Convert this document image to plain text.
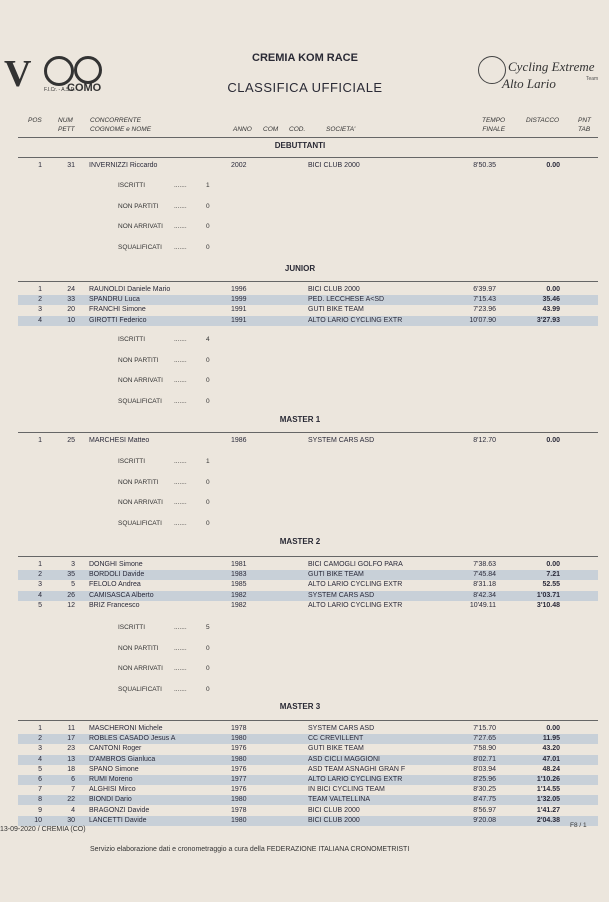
V	F.I.Cr. - A.S.D.
COMO
CREMIA KOM RACE
CLASSIFICA UFFICIALE
Cycling Extreme
Team
Alto Lario
POS	NUM
PETT
CONCORRENTE
COGNOME e NOME	ANNO COM COD.	SOCIETA'
TEMPO
FINALE
DISTACCO	PNT
TAB
DEBUTTANTI
1	31 INVERNIZZI Riccardo	2002	BICI CLUB 2000	8'50.35	0.00
ISCRITTI	.......	1
NON PARTITI .......	0
NON ARRIVATI .......	0
SQUALIFICATI .......	0
JUNIOR
1	24 RAUNOLDI Daniele Mario	1996	BICI CLUB 2000	6'39.97	0.00
2	33 SPANDRU Luca	1999	PED. LECCHESE A<SD	7'15.43	35.46
3	20 FRANCHI Simone	1991	GUTI BIKE TEAM	7'23.96	43.99
4	10 GIROTTI Federico	1991	ALTO LARIO CYCLING EXTR	10'07.90	3'27.93
ISCRITTI	.......	4
NON PARTITI .......	0
NON ARRIVATI .......	0
SQUALIFICATI .......	0
MASTER 1
1	25 MARCHESI Matteo	1986	SYSTEM CARS ASD	8'12.70	0.00
ISCRITTI	.......	1
NON PARTITI .......	0
NON ARRIVATI .......	0
SQUALIFICATI .......	0
MASTER 2
1	3 DONGHI Simone	1981	BICI CAMOGLI GOLFO PARA	7'38.63	0.00
2	35 BORDOLI Davide	1983	GUTI BIKE TEAM	7'45.84	7.21
3	5 FELOLO Andrea	1985	ALTO LARIO CYCLING EXTR	8'31.18	52.55
4	26 CAMISASCA Alberto	1982	SYSTEM CARS ASD	8'42.34	1'03.71
5	12 BRIZ Francesco	1982	ALTO LARIO CYCLING EXTR	10'49.11	3'10.48
ISCRITTI	.......	5
NON PARTITI .......	0
NON ARRIVATI .......	0
SQUALIFICATI .......	0
MASTER 3
1	11 MASCHERONI Michele	1978	SYSTEM CARS ASD	7'15.70	0.00
2	17 ROBLES CASADO Jesus A	1980	CC CREVILLENT	7'27.65	11.95
3	23 CANTONI Roger	1976	GUTI BIKE TEAM	7'58.90	43.20
4	13 D'AMBROS Gianluca	1980	ASD CICLI MAGGIONI	8'02.71	47.01
5	18 SPANO Simone	1976	ASD TEAM ASNAGHI GRAN F	8'03.94	48.24
6	6 RUMI Moreno	1977	ALTO LARIO CYCLING EXTR	8'25.96	1'10.26
7	7 ALGHISI Mirco	1976	IN BICI CYCLING TEAM	8'30.25	1'14.55
8	22 BIONDI Dario	1980	TEAM VALTELLINA	8'47.75	1'32.05
9	4 BRAGONZI Davide	1978	BICI CLUB 2000	8'56.97	1'41.27
10	30 LANCETTI Davide	1980	BICI CLUB 2000	9'20.08	2'04.38
13-09-2020 / CREMIA (CO)
F8 / 1
Servizio elaborazione dati e cronometraggio a cura della FEDERAZIONE ITALIANA CRONOMETRISTI
